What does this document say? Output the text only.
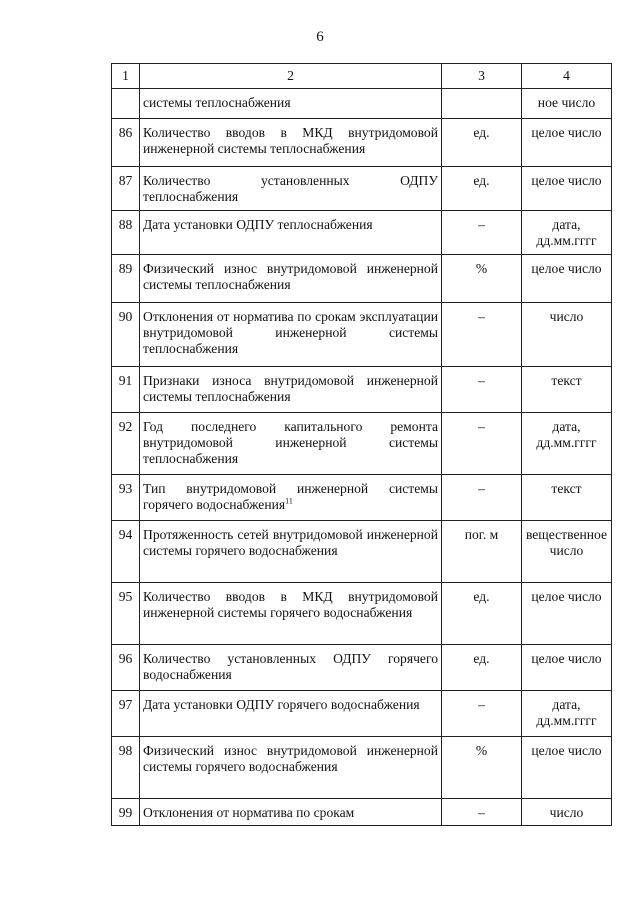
6
1	2	3	4
	системы теплоснабжения		ное число
86	Количество вводов в МКД внутридомовой инженерной системы теплоснабжения	ед.	целое число
87	Количество установленных ОДПУ теплоснабжения	ед.	целое число
88	Дата установки ОДПУ теплоснабжения	–	дата, дд.мм.гггг
89	Физический износ внутридомовой инженерной системы теплоснабжения	%	целое число
90	Отклонения от норматива по срокам эксплуатации внутридомовой инженерной системы теплоснабжения	–	число
91	Признаки износа внутридомовой инженерной системы теплоснабжения	–	текст
92	Год последнего капитального ремонта внутридомовой инженерной системы теплоснабжения	–	дата, дд.мм.гггг
93	Тип внутридомовой инженерной системы горячего водоснабжения$^{11}$	–	текст
94	Протяженность сетей внутридомовой инженерной системы горячего водоснабжения	пог. м	вещественное число
95	Количество вводов в МКД внутридомовой инженерной системы горячего водоснабжения	ед.	целое число
96	Количество установленных ОДПУ горячего водоснабжения	ед.	целое число
97	Дата установки ОДПУ горячего водоснабжения	–	дата, дд.мм.гггг
98	Физический износ внутридомовой инженерной системы горячего водоснабжения	%	целое число
99	Отклонения от норматива по срокам	–	число
